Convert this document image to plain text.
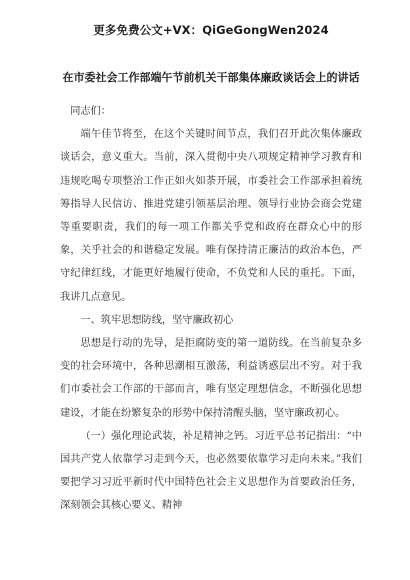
更多免费公文+VX：QiGeGongWen2024
在市委社会工作部端午节前机关干部集体廉政谈话会上的讲话

同志们：

端午佳节将至，在这个关键时间节点，我们召开此次集体廉政谈话会，意义重大。当前，深入贯彻中央八项规定精神学习教育和违规吃喝专项整治工作正如火如荼开展，市委社会工作部承担着统筹指导人民信访、推进党建引领基层治理、领导行业协会商会党建等重要职责，我们的每一项工作都关乎党和政府在群众心中的形象，关乎社会的和谐稳定发展。唯有保持清正廉洁的政治本色，严守纪律红线，才能更好地履行使命，不负党和人民的重托。下面，我讲几点意见。

一、筑牢思想防线，坚守廉政初心

思想是行动的先导，是拒腐防变的第一道防线。在当前复杂多变的社会环境中，各种思潮相互激荡，利益诱惑层出不穷。对于我们市委社会工作部的干部而言，唯有坚定理想信念，不断强化思想建设，才能在纷繁复杂的形势中保持清醒头脑，坚守廉政初心。

（一）强化理论武装，补足精神之钙。习近平总书记指出：“中国共产党人依靠学习走到今天，也必然要依靠学习走向未来。”我们要把学习习近平新时代中国特色社会主义思想作为首要政治任务，深刻领会其核心要义、精神
